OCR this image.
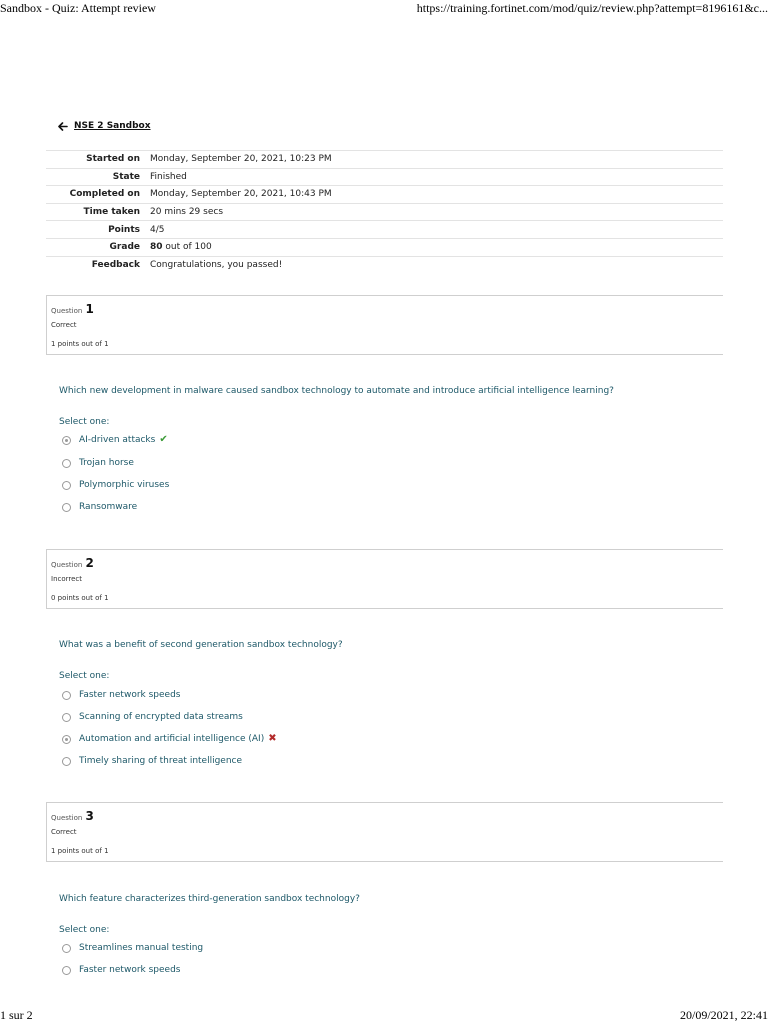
Sandbox - Quiz: Attempt review	https://training.fortinet.com/mod/quiz/review.php?attempt=8196161&c...
NSE 2 Sandbox
Started on	Monday, September 20, 2021, 10:23 PM
State	Finished
Completed on	Monday, September 20, 2021, 10:43 PM
Time taken	20 mins 29 secs
Points	4/5
Grade	80 out of 100
Feedback	Congratulations, you passed!
Question 1
Correct
1 points out of 1
Which new development in malware caused sandbox technology to automate and introduce artificial intelligence learning?
Select one:
AI-driven attacks ✔
Trojan horse
Polymorphic viruses
Ransomware
Question 2
Incorrect
0 points out of 1
What was a benefit of second generation sandbox technology?
Select one:
Faster network speeds
Scanning of encrypted data streams
Automation and artificial intelligence (AI) ✖
Timely sharing of threat intelligence
Question 3
Correct
1 points out of 1
Which feature characterizes third-generation sandbox technology?
Select one:
Streamlines manual testing
Faster network speeds
1 sur 2	20/09/2021, 22:41
